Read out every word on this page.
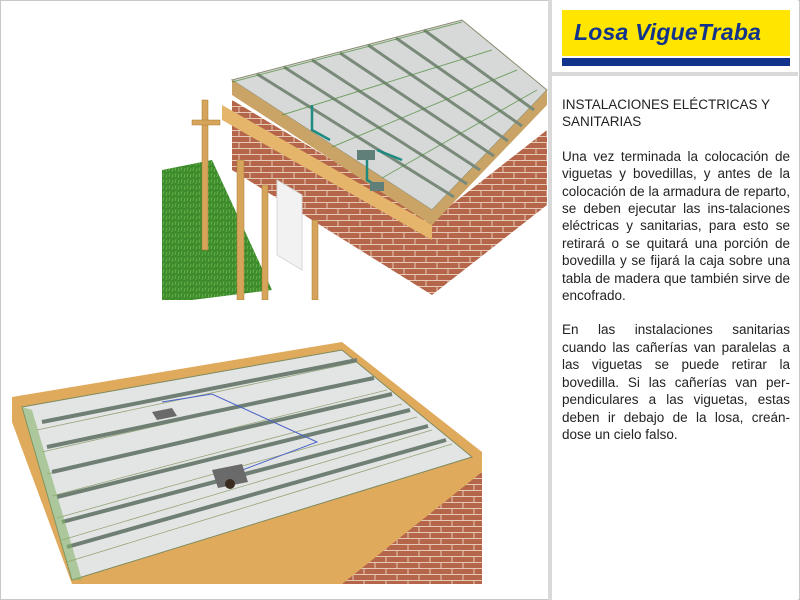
Losa VigueTraba

INSTALACIONES ELÉCTRICAS Y SANITARIAS

Una vez terminada la colocación de viguetas y bovedillas, y antes de la colocación de la armadura de reparto, se deben ejecutar las ins-talaciones eléctricas y sanitarias, para esto se retirará o se quitará una porción de bovedilla y se fijará la caja sobre una tabla de madera que también sirve de encofrado.

En las instalaciones sanitarias cuando las cañerías van paralelas a las viguetas se puede retirar la bovedilla. Si las cañerías van per-pendiculares a las viguetas, estas deben ir debajo de la losa, creán-dose un cielo falso.
